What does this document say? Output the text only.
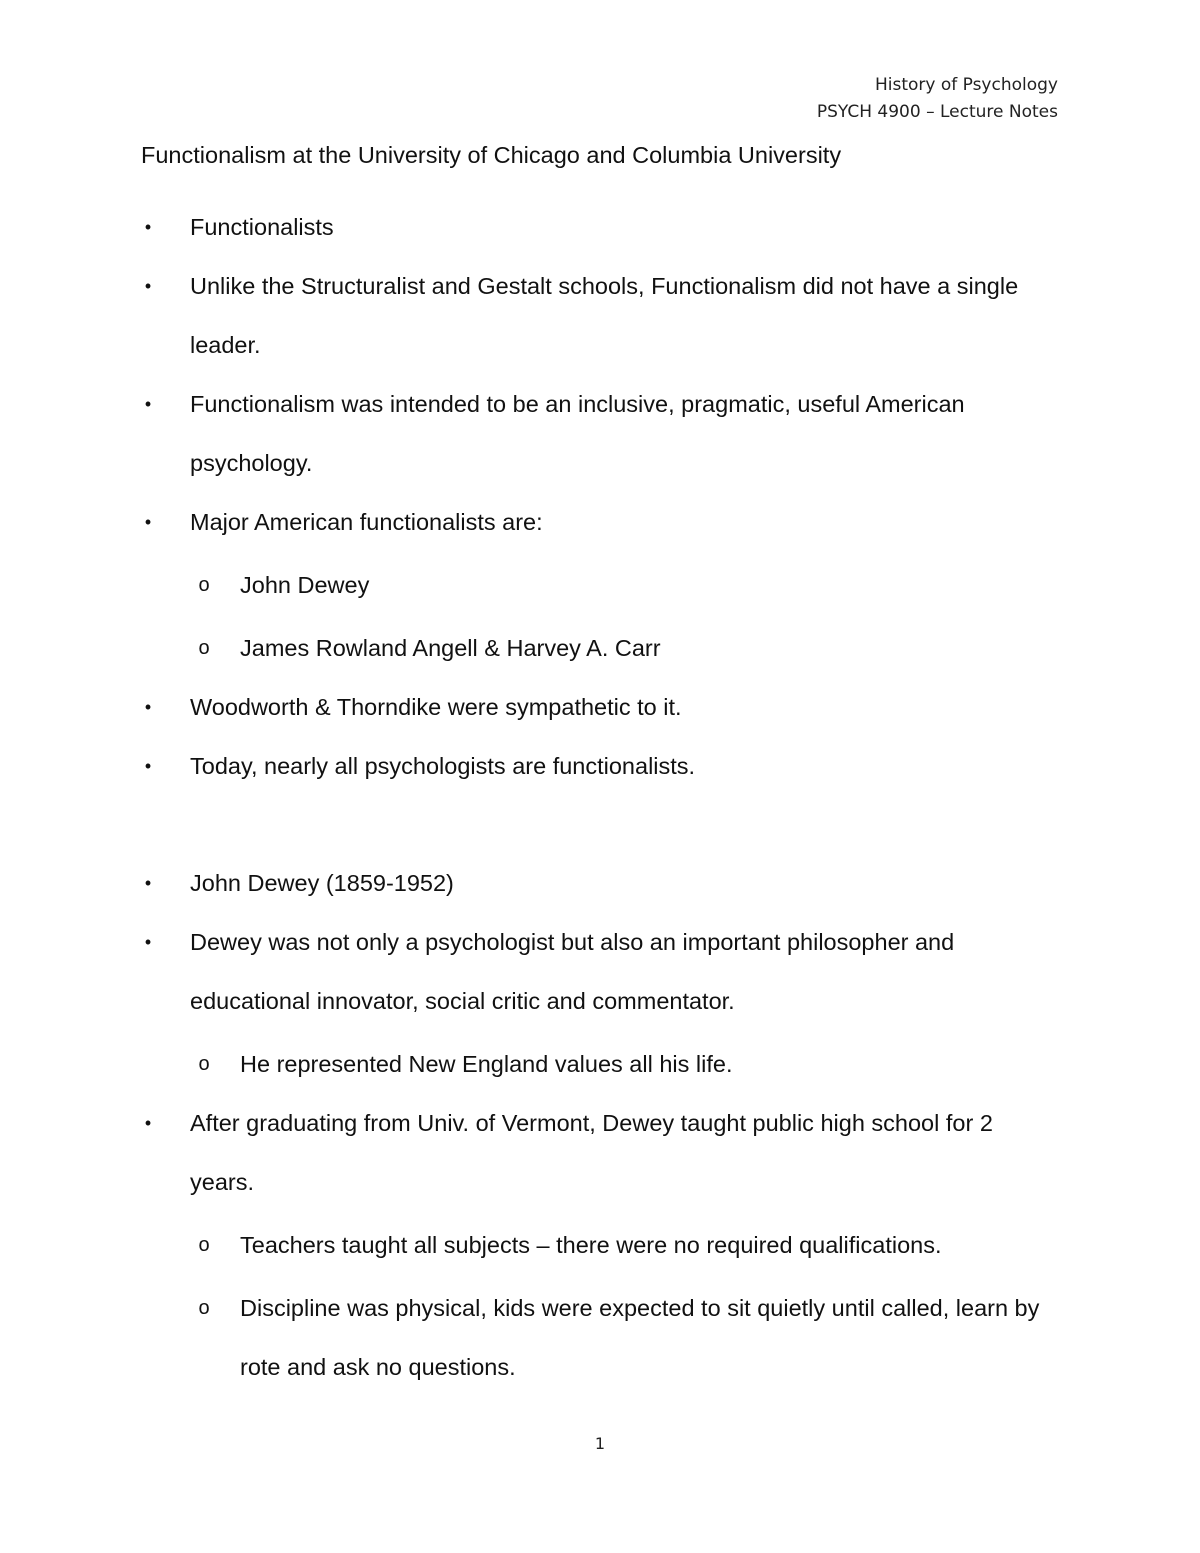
History of Psychology
PSYCH 4900 – Lecture Notes
Functionalism at the University of Chicago and Columbia University
• Functionalists
• Unlike the Structuralist and Gestalt schools, Functionalism did not have a single leader.
• Functionalism was intended to be an inclusive, pragmatic, useful American psychology.
• Major American functionalists are:
o John Dewey
o James Rowland Angell & Harvey A. Carr
• Woodworth & Thorndike were sympathetic to it.
• Today, nearly all psychologists are functionalists.
• John Dewey (1859-1952)
• Dewey was not only a psychologist but also an important philosopher and educational innovator, social critic and commentator.
o He represented New England values all his life.
• After graduating from Univ. of Vermont, Dewey taught public high school for 2 years.
o Teachers taught all subjects – there were no required qualifications.
o Discipline was physical, kids were expected to sit quietly until called, learn by rote and ask no questions.
1
